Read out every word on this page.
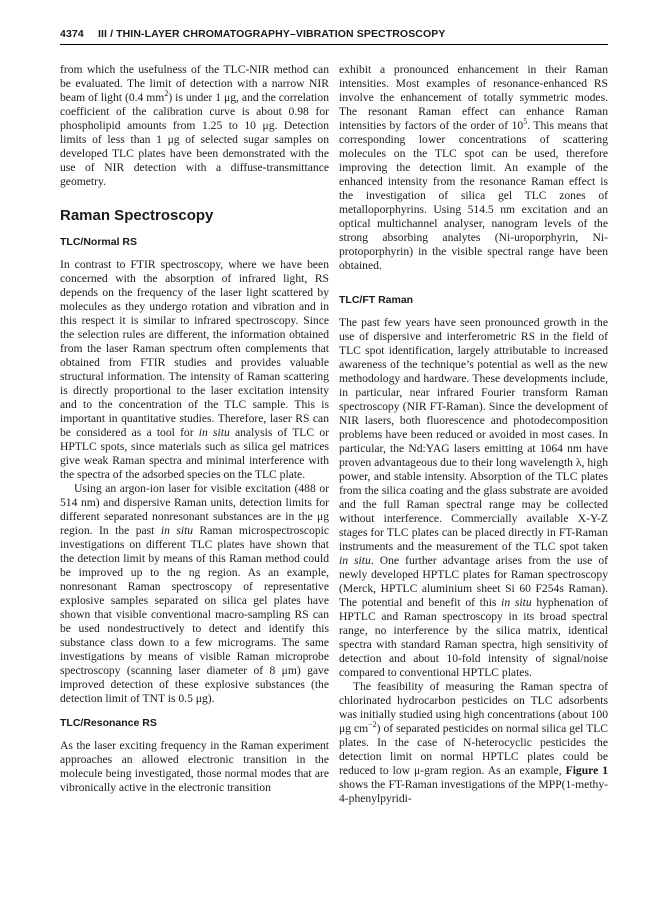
4374 III / THIN-LAYER CHROMATOGRAPHY–VIBRATION SPECTROSCOPY

from which the usefulness of the TLC-NIR method can be evaluated. The limit of detection with a narrow NIR beam of light (0.4 $mm^2$) is under 1 μg, and the correlation coefficient of the calibration curve is about 0.98 for phospholipid amounts from 1.25 to 10 μg. Detection limits of less than 1 μg of selected sugar samples on developed TLC plates have been demonstrated with the use of NIR detection with a diffuse-transmittance geometry.

Raman Spectroscopy
TLC/Normal RS

In contrast to FTIR spectroscopy, where we have been concerned with the absorption of infrared light, RS depends on the frequency of the laser light scattered by molecules as they undergo rotation and vibration and in this respect it is similar to infrared spectroscopy. Since the selection rules are different, the information obtained from the laser Raman spectrum often complements that obtained from FTIR studies and provides valuable structural information. The intensity of Raman scattering is directly proportional to the laser excitation intensity and to the concentration of the TLC sample. This is important in quantitative studies. Therefore, laser RS can be considered as a tool for in situ analysis of TLC or HPTLC spots, since materials such as silica gel matrices give weak Raman spectra and minimal interference with the spectra of the adsorbed species on the TLC plate.

Using an argon-ion laser for visible excitation (488 or 514 nm) and dispersive Raman units, detection limits for different separated nonresonant substances are in the μg region. In the past in situ Raman microspectroscopic investigations on different TLC plates have shown that the detection limit by means of this Raman method could be improved up to the ng region. As an example, nonresonant Raman spectroscopy of representative explosive samples separated on silica gel plates have shown that visible conventional macro-sampling RS can be used nondestructively to detect and identify this substance class down to a few micrograms. The same investigations by means of visible Raman microprobe spectroscopy (scanning laser diameter of 8 μm) gave improved detection of these explosive substances (the detection limit of TNT is 0.5 μg).

TLC/Resonance RS

As the laser exciting frequency in the Raman experiment approaches an allowed electronic transition in the molecule being investigated, those normal modes that are vibronically active in the electronic transition

exhibit a pronounced enhancement in their Raman intensities. Most examples of resonance-enhanced RS involve the enhancement of totally symmetric modes. The resonant Raman effect can enhance Raman intensities by factors of the order of $10^5$. This means that corresponding lower concentrations of scattering molecules on the TLC spot can be used, therefore improving the detection limit. An example of the enhanced intensity from the resonance Raman effect is the investigation of silica gel TLC zones of metalloporphyrins. Using 514.5 nm excitation and an optical multichannel analyser, nanogram levels of the strong absorbing analytes (Ni-uroporphyrin, Ni-protoporphyrin) in the visible spectral range have been obtained.

TLC/FT Raman

The past few years have seen pronounced growth in the use of dispersive and interferometric RS in the field of TLC spot identification, largely attributable to increased awareness of the technique’s potential as well as the new methodology and hardware. These developments include, in particular, near infrared Fourier transform Raman spectroscopy (NIR FT-Raman). Since the development of NIR lasers, both fluorescence and photodecomposition problems have been reduced or avoided in most cases. In particular, the Nd:YAG lasers emitting at 1064 nm have proven advantageous due to their long wavelength λ, high power, and stable intensity. Absorption of the TLC plates from the silica coating and the glass substrate are avoided and the full Raman spectral range may be collected without interference. Commercially available X-Y-Z stages for TLC plates can be placed directly in FT-Raman instruments and the measurement of the TLC spot taken in situ. One further advantage arises from the use of newly developed HPTLC plates for Raman spectroscopy (Merck, HPTLC aluminium sheet Si 60 F254s Raman). The potential and benefit of this in situ hyphenation of HPTLC and Raman spectroscopy in its broad spectral range, no interference by the silica matrix, identical spectra with standard Raman spectra, high sensitivity of detection and about 10-fold intensity of signal/noise compared to conventional HPTLC plates.

The feasibility of measuring the Raman spectra of chlorinated hydrocarbon pesticides on TLC adsorbents was initially studied using high concentrations (about 100 μg $cm^{-2}$) of separated pesticides on normal silica gel TLC plates. In the case of N-heterocyclic pesticides the detection limit on normal HPTLC plates could be reduced to low μ-gram region. As an example, Figure 1 shows the FT-Raman investigations of the MPP(1-methy-4-phenylpyridi-
